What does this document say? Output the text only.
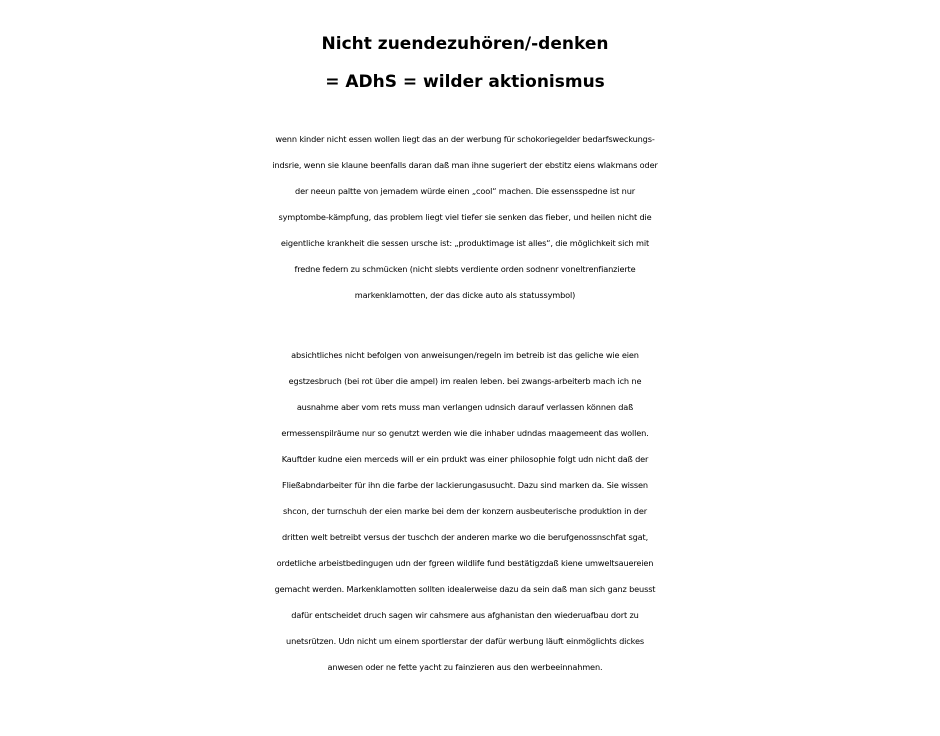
Nicht zuendezuhören/-denken
= ADhS = wilder aktionismus
wenn kinder nicht essen wollen liegt das an der werbung für schokoriegelder bedarfsweckungs-
indsrie, wenn sie klaune beenfalls daran daß man ihne sugeriert der ebstitz eiens wlakmans oder
der neeun paltte von jemadem würde einen „cool“ machen. Die essensspedne ist nur
symptombe-kämpfung, das problem liegt viel tiefer sie senken das fieber, und heilen nicht die
eigentliche krankheit die sessen ursche ist: „produktimage ist alles“, die möglichkeit sich mit
fredne federn zu schmücken (nicht slebts verdiente orden sodnenr voneltrenfianzierte
markenklamotten, der das dicke auto als statussymbol)
absichtliches nicht befolgen von anweisungen/regeln im betreib ist das geliche wie eien
egstzesbruch (bei rot über die ampel) im realen leben. bei zwangs-arbeiterb mach ich ne
ausnahme aber vom rets muss man verlangen udnsich darauf verlassen können daß
ermessenspilräume nur so genutzt werden wie die inhaber udndas maagemeent das wollen.
Kauftder kudne eien merceds will er ein prdukt was einer philosophie folgt udn nicht daß der
Fließabndarbeiter für ihn die farbe der lackierungasusucht. Dazu sind marken da. Sie wissen
shcon, der turnschuh der eien marke bei dem der konzern ausbeuterische produktion in der
dritten welt betreibt versus der tuschch der anderen marke wo die berufgenossnschfat sgat,
ordetliche arbeistbedingugen udn der fgreen wildlife fund bestätigzdaß kiene umweltsauereien
gemacht werden. Markenklamotten sollten idealerweise dazu da sein daß man sich ganz beusst
dafür entscheidet druch sagen wir cahsmere aus afghanistan den wiederuafbau dort zu
unetsrützen. Udn nicht um einem sportlerstar der dafür werbung läuft einmöglichts dickes
anwesen oder ne fette yacht zu fainzieren aus den werbeeinnahmen.
